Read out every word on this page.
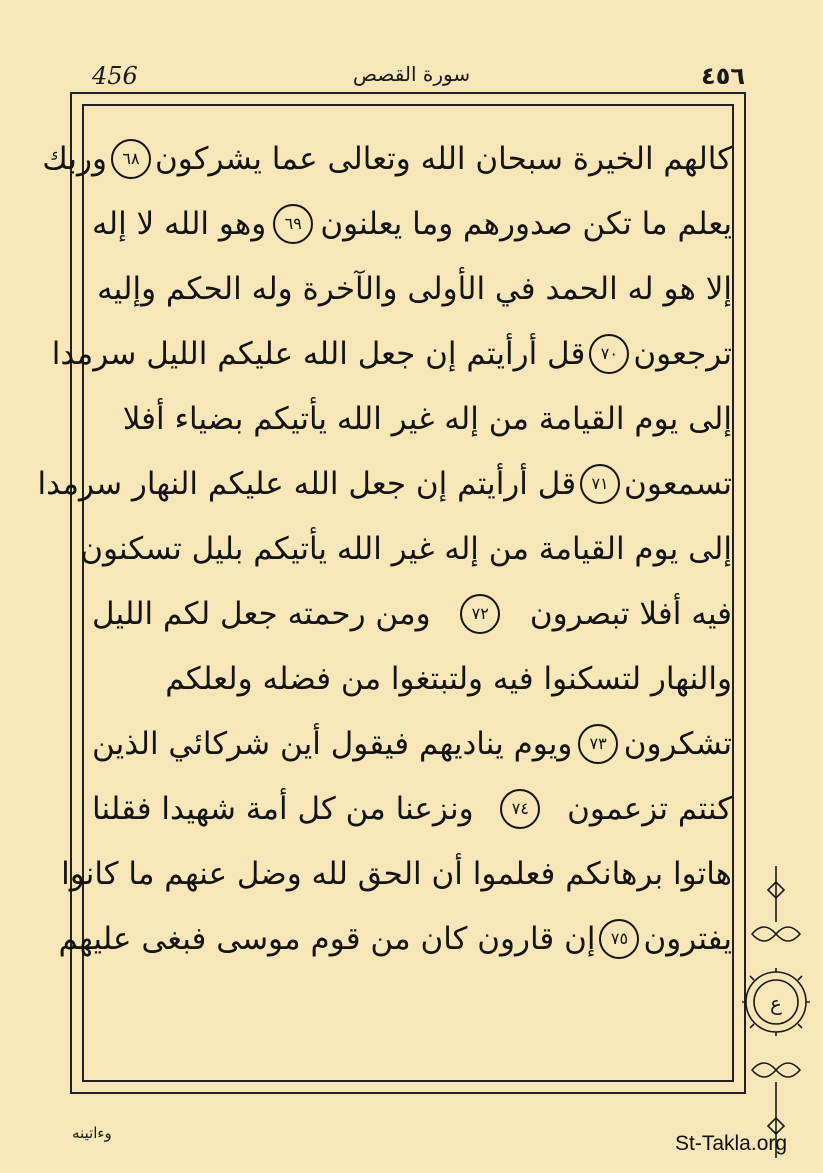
456	سورة القصص	٤٥٦
كالهم الخيرة سبحان الله وتعالى عما يشركون
٦٨
وربك
يعلم ما تكن صدورهم وما يعلنون
٦٩
وهو الله لا إله
إلا هو له الحمد في الأولى والآخرة وله الحكم وإليه
ترجعون
٧٠
قل أرأيتم إن جعل الله عليكم الليل سرمدا
إلى يوم القيامة من إله غير الله يأتيكم بضياء أفلا
تسمعون
٧١
قل أرأيتم إن جعل الله عليكم النهار سرمدا
إلى يوم القيامة من إله غير الله يأتيكم بليل تسكنون
فيه أفلا تبصرون
٧٢
ومن رحمته جعل لكم الليل
والنهار لتسكنوا فيه ولتبتغوا من فضله ولعلكم
تشكرون
٧٣
ويوم يناديهم فيقول أين شركائي الذين
كنتم تزعمون
٧٤
ونزعنا من كل أمة شهيدا فقلنا
هاتوا برهانكم فعلموا أن الحق لله وضل عنهم ما كانوا
يفترون
٧٥
إن قارون كان من قوم موسى فبغى عليهم
ع
وءاتينه	St-Takla.org
